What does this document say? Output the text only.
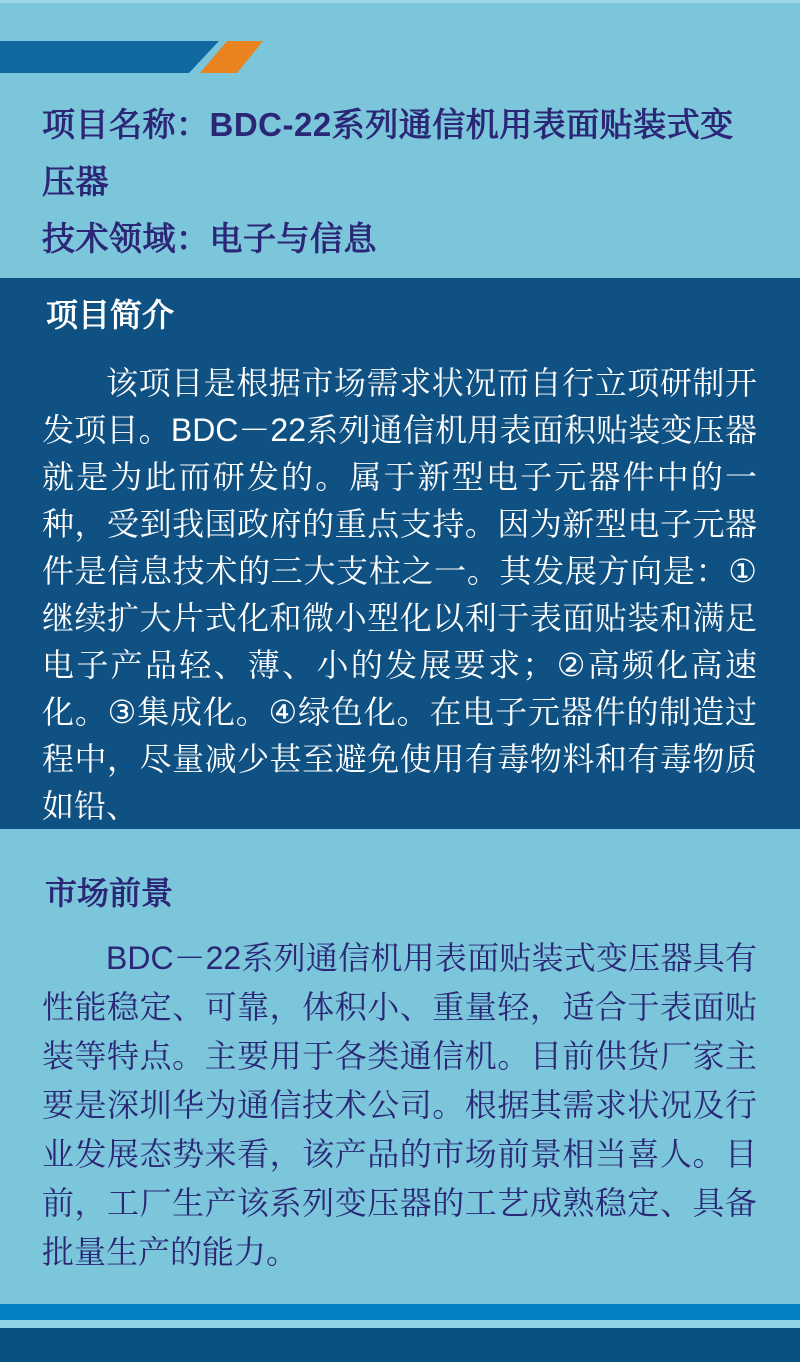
项目名称：BDC-22系列通信机用表面贴装式变压器
技术领域：电子与信息
项目简介
该项目是根据市场需求状况而自行立项研制开发项目。BDC－22系列通信机用表面积贴装变压器就是为此而研发的。属于新型电子元器件中的一种，受到我国政府的重点支持。因为新型电子元器件是信息技术的三大支柱之一。其发展方向是：①继续扩大片式化和微小型化以利于表面贴装和满足电子产品轻、薄、小的发展要求；②高频化高速化。③集成化。④绿色化。在电子元器件的制造过程中，尽量减少甚至避免使用有毒物料和有毒物质如铅、
市场前景
BDC－22系列通信机用表面贴装式变压器具有性能稳定、可靠，体积小、重量轻，适合于表面贴装等特点。主要用于各类通信机。目前供货厂家主要是深圳华为通信技术公司。根据其需求状况及行业发展态势来看，该产品的市场前景相当喜人。目前，工厂生产该系列变压器的工艺成熟稳定、具备批量生产的能力。
